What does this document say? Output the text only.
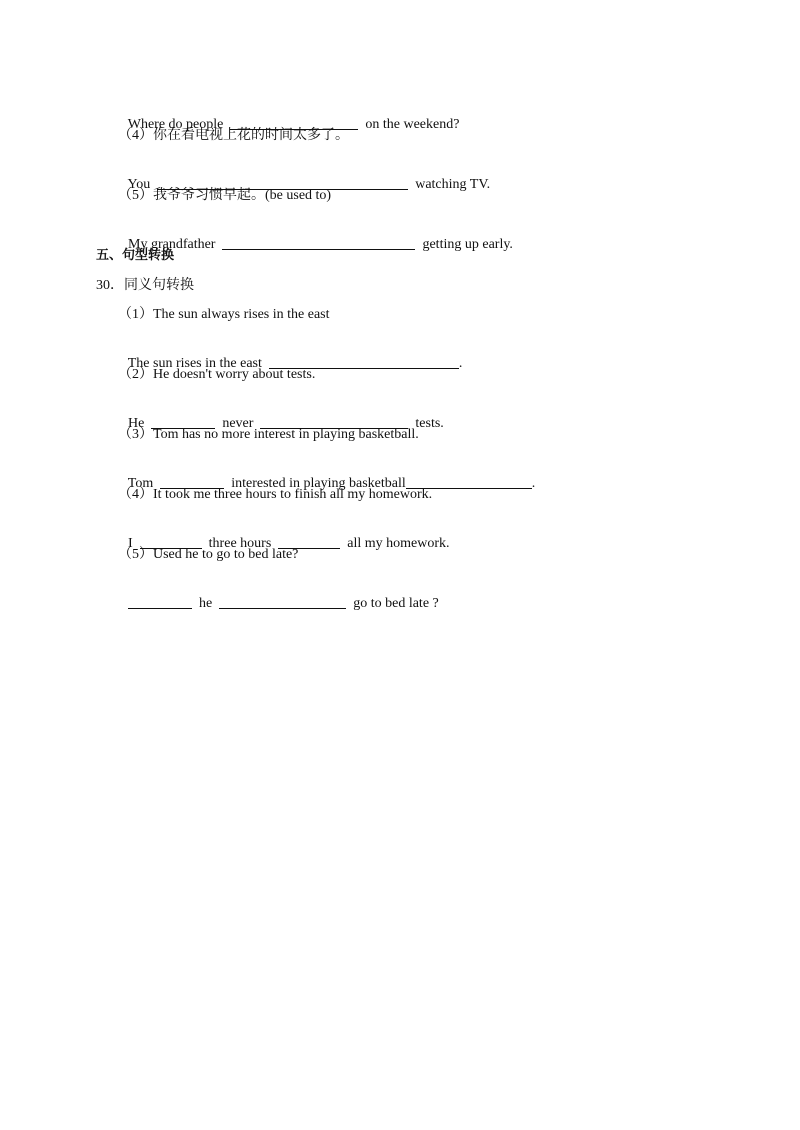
Where do people	on the weekend?

（4）你在看电视上花的时间太多了。

You	watching TV.

（5）我爷爷习惯早起。(be used to)

My grandfather	getting up early.

五、句型转换
30．同义句转换
（1）The sun always rises in the east

The sun rises in the east	.

（2）He doesn't worry about tests.

He	never	tests.

（3）Tom has no more interest in playing basketball.

Tom	interested in playing basketball	.

（4）It took me three hours to finish all my homework.

I	three hours	all my homework.

（5）Used he to go to bed late?

he	go to bed late ?
